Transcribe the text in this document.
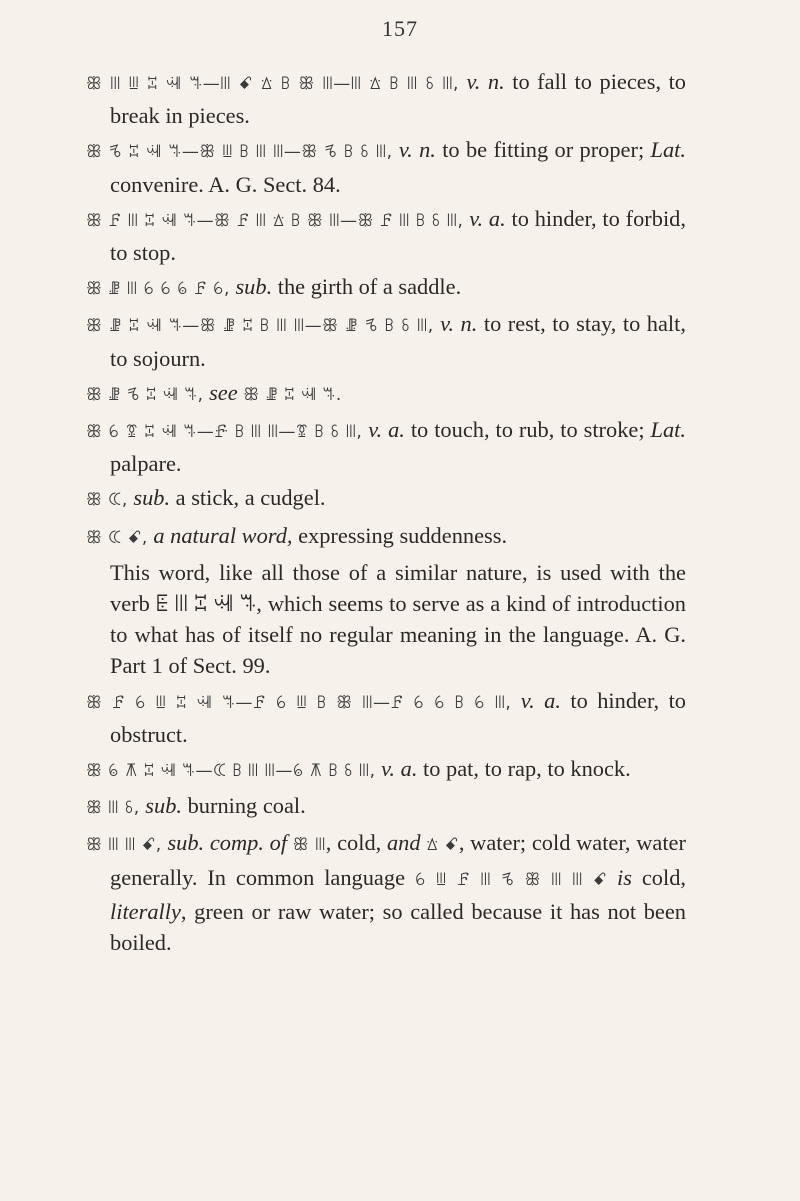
157

ꕥ ꔖ ꔗ ꔙ ꕝ ꕐ—ꔖ ꗃ ꕖ ꕗ ꕥ ꔖ—ꔖ ꕖ ꕗ ꔖ ꗏ ꔖ, v. n. to fall to pieces, to break in pieces.

ꕥ ꕦ ꔙ ꕝ ꕐ—ꕥ ꔗ ꕗ ꔖ ꔖ—ꕥ ꕦ ꕗ ꗏ ꔖ, v. n. to be fitting or proper; Lat. convenire. A. G. Sect. 84.

ꕥ ꗓ ꔖ ꔙ ꕝ ꕐ—ꕥ ꗓ ꔖ ꕖ ꕗ ꕥ ꔖ—ꕥ ꗓ ꔖ ꕗ ꗏ ꔖ, v. a. to hinder, to forbid, to stop.

ꕥ ꗙ ꔖ ꕃ ꕃ ꕄ ꗓ ꕃ, sub. the girth of a saddle.

ꕥ ꗙ ꔙ ꕝ ꕐ—ꕥ ꗙ ꔙ ꕗ ꔖ ꔖ—ꕥ ꗙ ꕦ ꕗ ꗏ ꔖ, v. n. to rest, to stay, to halt, to sojourn.

ꕥ ꗙ ꕦ ꔙ ꕝ ꕐ, see ꕥ ꗙ ꔙ ꕝ ꕐ.

ꕥ ꕃ ꗒ ꔙ ꕝ ꕐ—ꗔ ꕗ ꔖ ꔖ—ꗒ ꕗ ꗏ ꔖ, v. a. to touch, to rub, to stroke; Lat. palpare.

ꕥ ꕆ, sub. a stick, a cudgel.

ꕥ ꕆ ꗃ, a natural word, expressing suddenness.

This word, like all those of a similar nature, is used with the verb ꗍ ꔖ ꔙ ꕝ ꕐ, which seems to serve as a kind of introduction to what has of itself no regular meaning in the language. A. G. Part 1 of Sect. 99.

ꕥ ꗓ ꕃ ꔗ ꔙ ꕝ ꕐ—ꗓ ꕃ ꔗ ꕗ ꕥ ꔖ—ꗓ ꕃ ꕃ ꕗ ꕃ ꔖ, v. a. to hinder, to obstruct.

ꕥ ꕄ ꕧ ꔙ ꕝ ꕐ—ꕆ ꕗ ꔖ ꔖ—ꕄ ꕧ ꕗ ꗏ ꔖ, v. a. to pat, to rap, to knock.

ꕥ ꔖ ꗏ, sub. burning coal.

ꕥ ꔖ ꔖ ꗃ, sub. comp. of ꕥ ꔖ, cold, and ꕖ ꗃ, water; cold water, water generally. In common language ꕃ ꔗ ꗓ ꔖ ꕦ ꕥ ꔖ ꔖ ꗃ is cold, literally, green or raw water; so called because it has not been boiled.
